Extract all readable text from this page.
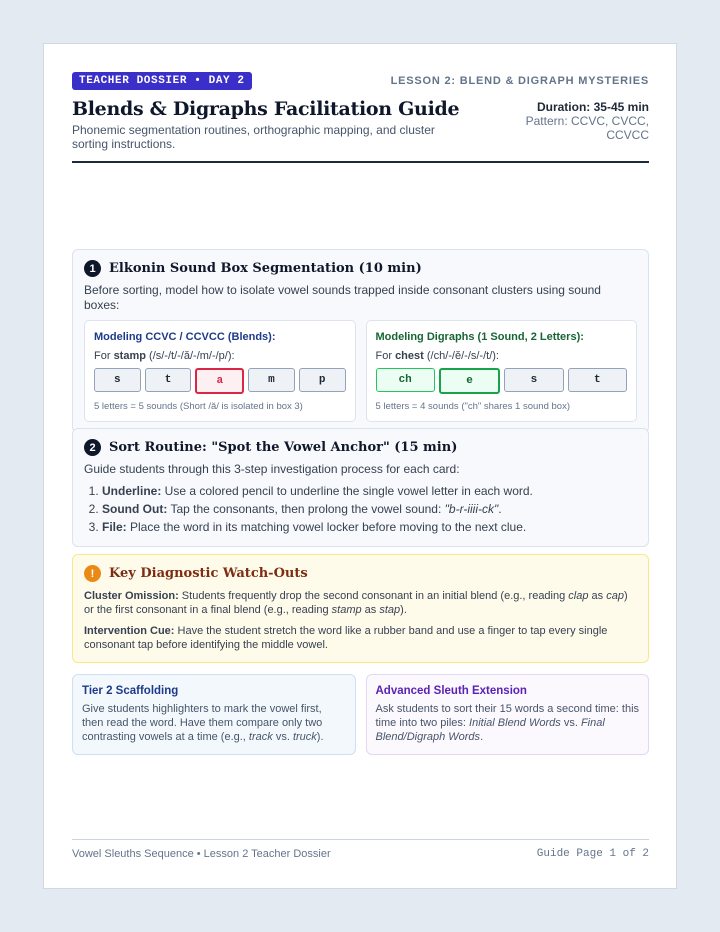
TEACHER DOSSIER • DAY 2	LESSON 2: BLEND & DIGRAPH MYSTERIES
Blends & Digraphs Facilitation Guide
Phonemic segmentation routines, orthographic mapping, and cluster sorting instructions.
Duration: 35-45 min
Pattern: CCVC, CVCC, CCVCC
1	Elkonin Sound Box Segmentation (10 min)
Before sorting, model how to isolate vowel sounds trapped inside consonant clusters using sound boxes:
Modeling CCVC / CCVCC (Blends):
For stamp (/s/-/t/-/ă/-/m/-/p/):
s	t	a	m	p
5 letters = 5 sounds (Short /ă/ is isolated in box 3)
Modeling Digraphs (1 Sound, 2 Letters):
For chest (/ch/-/ĕ/-/s/-/t/):
ch	e	s	t
5 letters = 4 sounds ("ch" shares 1 sound box)
2	Sort Routine: "Spot the Vowel Anchor" (15 min)
Guide students through this 3-step investigation process for each card:
1. Underline: Use a colored pencil to underline the single vowel letter in each word.
2. Sound Out: Tap the consonants, then prolong the vowel sound: "b-r-iiii-ck".
3. File: Place the word in its matching vowel locker before moving to the next clue.
!	Key Diagnostic Watch-Outs
Cluster Omission: Students frequently drop the second consonant in an initial blend (e.g., reading clap as cap) or the first consonant in a final blend (e.g., reading stamp as stap).
Intervention Cue: Have the student stretch the word like a rubber band and use a finger to tap every single consonant tap before identifying the middle vowel.
Tier 2 Scaffolding
Give students highlighters to mark the vowel first, then read the word. Have them compare only two contrasting vowels at a time (e.g., track vs. truck).
Advanced Sleuth Extension
Ask students to sort their 15 words a second time: this time into two piles: Initial Blend Words vs. Final Blend/Digraph Words.
Vowel Sleuths Sequence • Lesson 2 Teacher Dossier	Guide Page 1 of 2
